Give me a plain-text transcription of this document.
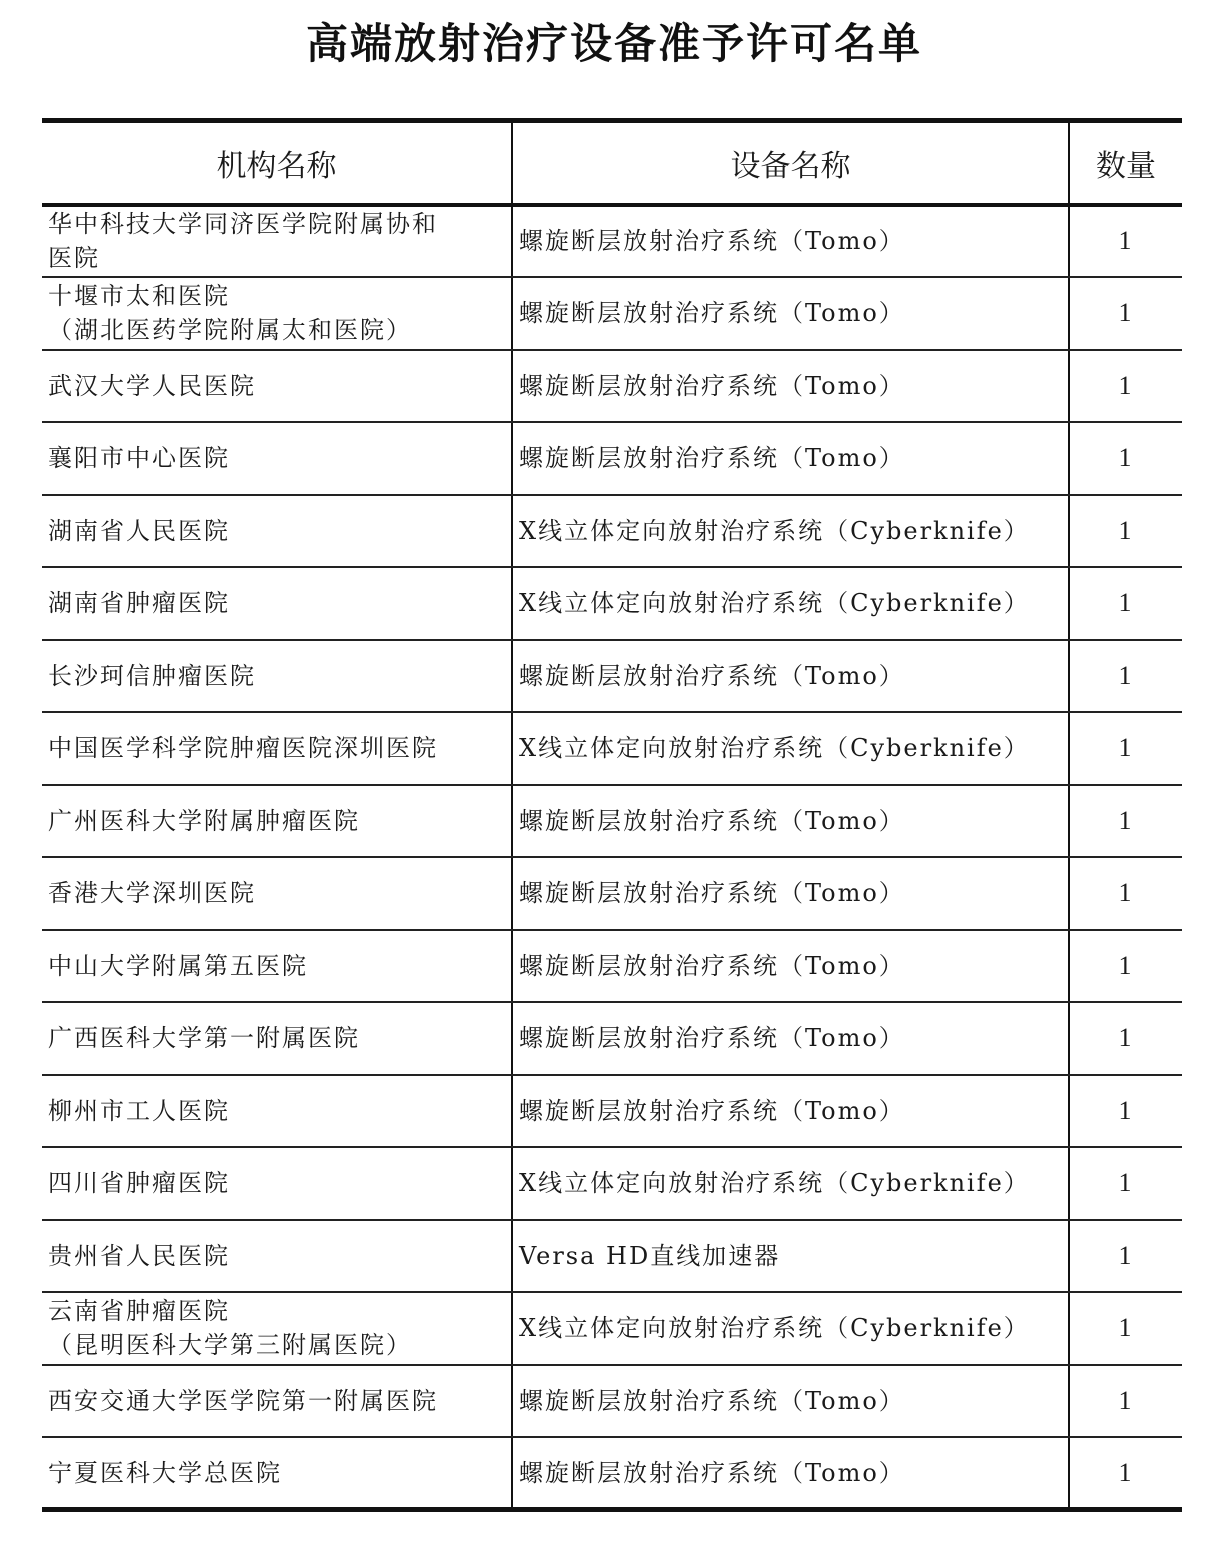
高端放射治疗设备准予许可名单
机构名称	设备名称	数量

华中科技大学同济医学院附属协和
医院	螺旋断层放射治疗系统（Tomo）	1

十堰市太和医院
（湖北医药学院附属太和医院）	螺旋断层放射治疗系统（Tomo）	1

武汉大学人民医院	螺旋断层放射治疗系统（Tomo）	1

襄阳市中心医院	螺旋断层放射治疗系统（Tomo）	1

湖南省人民医院	X线立体定向放射治疗系统（Cyberknife）	1

湖南省肿瘤医院	X线立体定向放射治疗系统（Cyberknife）	1

长沙珂信肿瘤医院	螺旋断层放射治疗系统（Tomo）	1

中国医学科学院肿瘤医院深圳医院	X线立体定向放射治疗系统（Cyberknife）	1

广州医科大学附属肿瘤医院	螺旋断层放射治疗系统（Tomo）	1

香港大学深圳医院	螺旋断层放射治疗系统（Tomo）	1

中山大学附属第五医院	螺旋断层放射治疗系统（Tomo）	1

广西医科大学第一附属医院	螺旋断层放射治疗系统（Tomo）	1

柳州市工人医院	螺旋断层放射治疗系统（Tomo）	1

四川省肿瘤医院	X线立体定向放射治疗系统（Cyberknife）	1

贵州省人民医院	Versa HD直线加速器	1

云南省肿瘤医院
（昆明医科大学第三附属医院）	X线立体定向放射治疗系统（Cyberknife）	1

西安交通大学医学院第一附属医院	螺旋断层放射治疗系统（Tomo）	1

宁夏医科大学总医院	螺旋断层放射治疗系统（Tomo）	1
